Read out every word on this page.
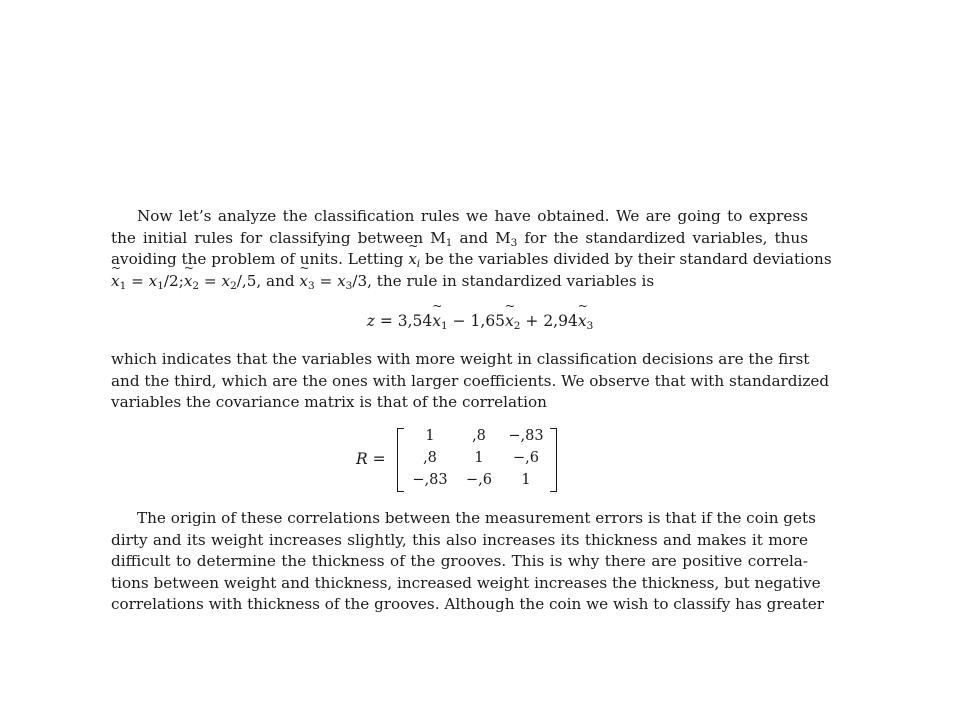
Now let’s analyze the classification rules we have obtained. We are going to express
the initial rules for classifying between $M_1$ and $M_3$ for the standardized variables, thus
avoiding the problem of units. Letting ~ $x_i$ be the variables divided by their standard deviations
~ $x_1$ = $x_1/2;\sim$ $x_2 = x_2/,5$, and ~ $x_3 = x_3/3$, the rule in standardized variables is
z = 3,54~ $x_1$ − 1,65~ $x_2$ + 2,94~ $x_3$
which indicates that the variables with more weight in classification decisions are the first
and the third, which are the ones with larger coefficients. We observe that with standardized
variables the covariance matrix is that of the correlation
R =
1	,8	−,83
,8	1	−,6
−,83	−,6	1
The origin of these correlations between the measurement errors is that if the coin gets
dirty and its weight increases slightly, this also increases its thickness and makes it more
difficult to determine the thickness of the grooves. This is why there are positive correla-
tions between weight and thickness, increased weight increases the thickness, but negative
correlations with thickness of the grooves. Although the coin we wish to classify has greater
